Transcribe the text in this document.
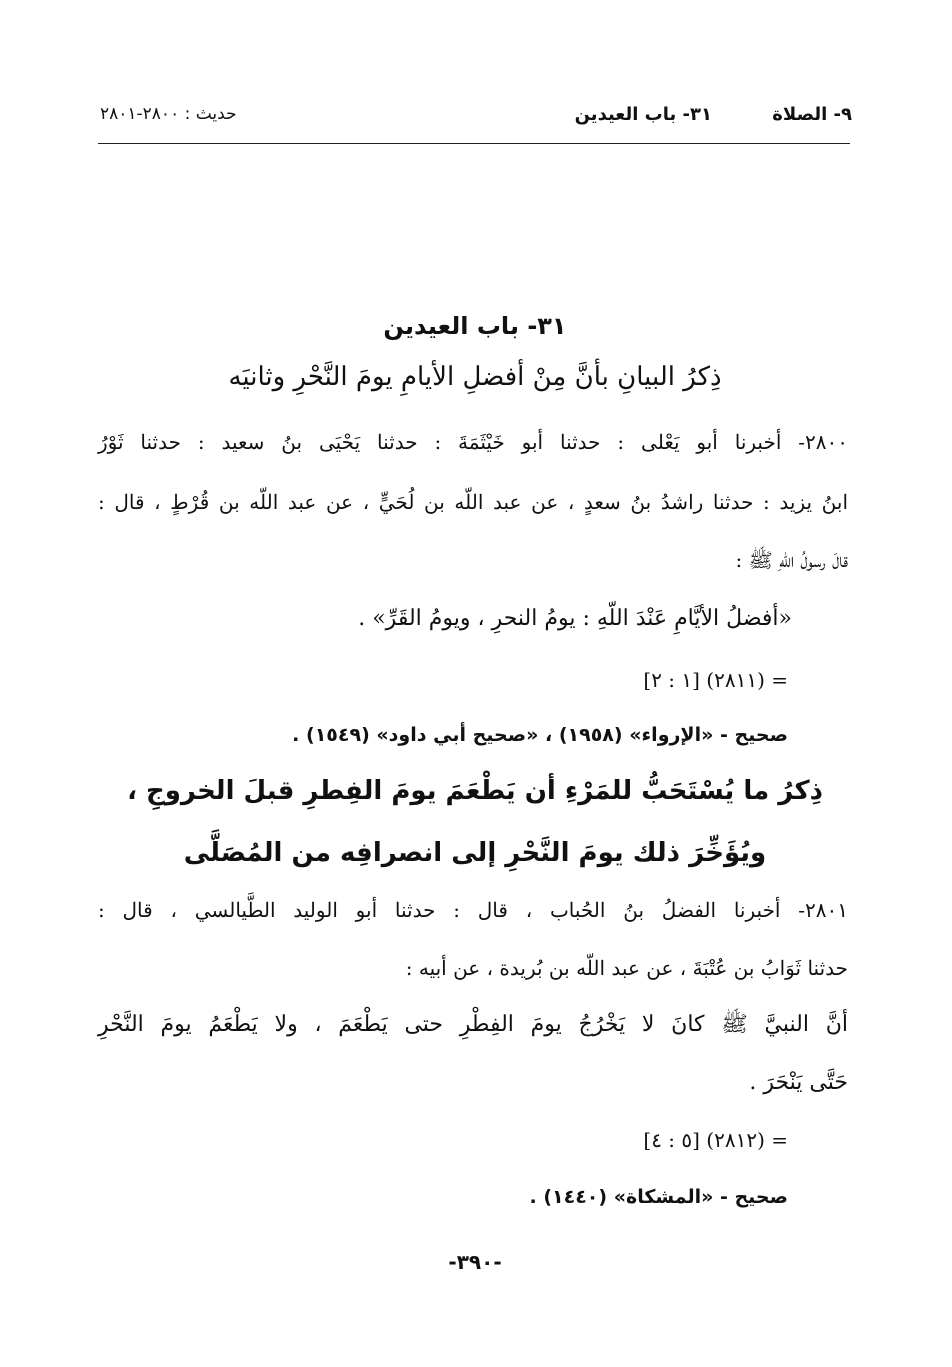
٩- الصلاة
٣١- باب العيدين
حديث : ٢٨٠٠-٢٨٠١
٣١- باب العيدين
ذِكرُ البيانِ بأنَّ مِنْ أفضلِ الأيامِ يومَ النَّحْرِ وثانيَه
٢٨٠٠- أخبرنا أبو يَعْلى : حدثنا أبو خَيْثَمَةَ : حدثنا يَحْيَى بنُ سعيد : حدثنا ثَوْرُ
ابنُ يزيد : حدثنا راشدُ بنُ سعدٍ ، عن عبد اللّه بن لُحَيٍّ ، عن عبد اللّه بن قُرْطٍ ، قال :
قالَ رسولُ اللّهِ ﷺ :
«أفضلُ الأيَّامِ عَنْدَ اللّهِ : يومُ النحرِ ، ويومُ القَرِّ» .
= (٢٨١١) [١ : ٢]
صحيح - «الإرواء» (١٩٥٨) ، «صحيح أبي داود» (١٥٤٩) .
ذِكرُ ما يُسْتَحَبُّ للمَرْءِ أن يَطْعَمَ يومَ الفِطرِ قبلَ الخروجِ ،
ويُؤَخِّرَ ذلك يومَ النَّحْرِ إلى انصرافِه من المُصَلَّى
٢٨٠١- أخبرنا الفضلُ بنُ الحُباب ، قال : حدثنا أبو الوليد الطَّيالسي ، قال :
حدثنا ثَوَابُ بن عُتْبَةَ ، عن عبد اللّه بن بُريدة ، عن أبيه :
أنَّ النبيَّ ﷺ كانَ لا يَخْرُجُ يومَ الفِطْرِ حتى يَطْعَمَ ، ولا يَطْعَمُ يومَ النَّحْرِ
حَتَّى يَنْحَرَ .
= (٢٨١٢) [٥ : ٤]
صحيح - «المشكاة» (١٤٤٠) .
-٣٩٠-
